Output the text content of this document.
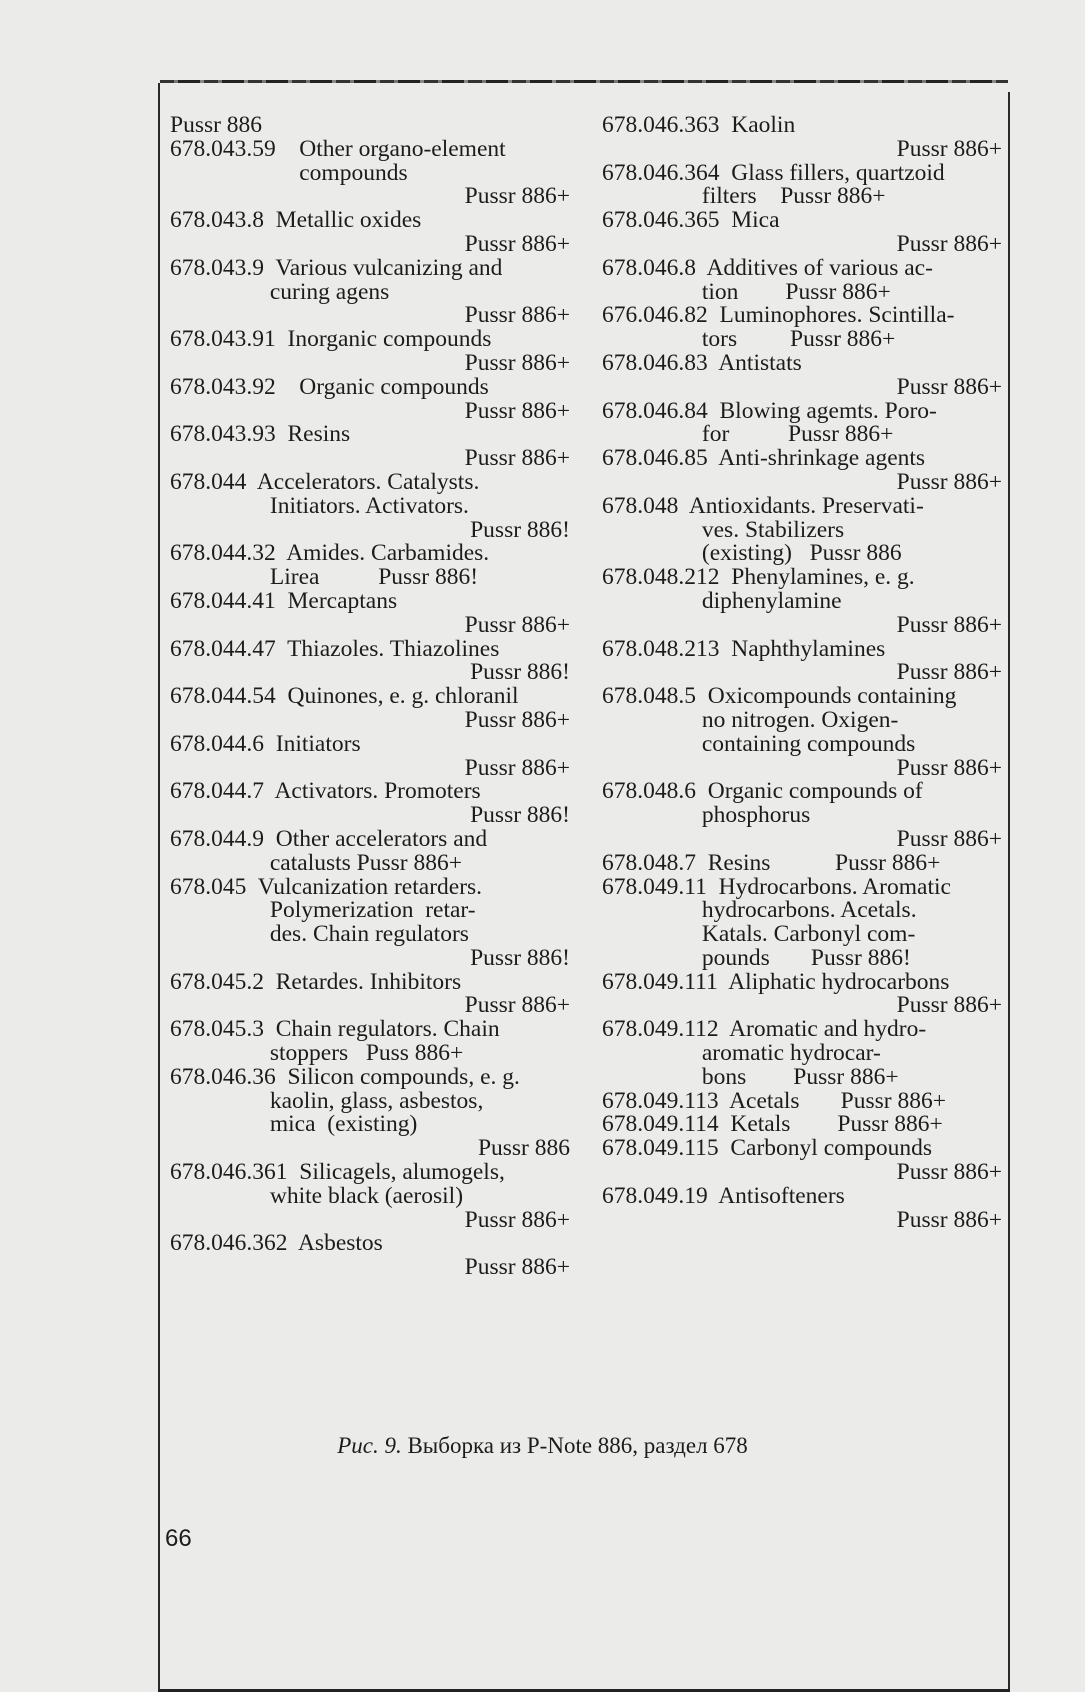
Pussr 886
678.043.59    Other organo-element
compounds
Pussr 886+
678.043.8  Metallic oxides
Pussr 886+
678.043.9  Various vulcanizing and
curing agens
Pussr 886+
678.043.91  Inorganic compounds
Pussr 886+
678.043.92    Organic compounds
Pussr 886+
678.043.93  Resins
Pussr 886+
678.044  Accelerators. Catalysts.
Initiators. Activators.
Pussr 886!
678.044.32  Amides. Carbamides.
Lirea          Pussr 886!
678.044.41  Mercaptans
Pussr 886+
678.044.47  Thiazoles. Thiazolines
Pussr 886!
678.044.54  Quinones, e. g. chloranil
Pussr 886+
678.044.6  Initiators
Pussr 886+
678.044.7  Activators. Promoters
Pussr 886!
678.044.9  Other accelerators and
catalusts Pussr 886+
678.045  Vulcanization retarders.
Polymerization  retar-
des. Chain regulators
Pussr 886!
678.045.2  Retardes. Inhibitors
Pussr 886+
678.045.3  Chain regulators. Chain
stoppers   Puss 886+
678.046.36  Silicon compounds, e. g.
kaolin, glass, asbestos,
mica  (existing)
Pussr 886
678.046.361  Silicagels, alumogels,
white black (aerosil)
Pussr 886+
678.046.362  Asbestos
Pussr 886+
678.046.363  Kaolin
Pussr 886+
678.046.364  Glass fillers, quartzoid
filters    Pussr 886+
678.046.365  Mica
Pussr 886+
678.046.8  Additives of various ac-
tion        Pussr 886+
676.046.82  Luminophores. Scintilla-
tors         Pussr 886+
678.046.83  Antistats
Pussr 886+
678.046.84  Blowing agemts. Poro-
for          Pussr 886+
678.046.85  Anti-shrinkage agents
Pussr 886+
678.048  Antioxidants. Preservati-
ves. Stabilizers
(existing)   Pussr 886
678.048.212  Phenylamines, e. g.
diphenylamine
Pussr 886+
678.048.213  Naphthylamines
Pussr 886+
678.048.5  Oxicompounds containing
no nitrogen. Oxigen-
containing compounds
Pussr 886+
678.048.6  Organic compounds of
phosphorus
Pussr 886+
678.048.7  Resins           Pussr 886+
678.049.11  Hydrocarbons. Aromatic
hydrocarbons. Acetals.
Katals. Carbonyl com-
pounds       Pussr 886!
678.049.111  Aliphatic hydrocarbons
Pussr 886+
678.049.112  Aromatic and hydro-
aromatic hydrocar-
bons        Pussr 886+
678.049.113  Acetals       Pussr 886+
678.049.114  Ketals        Pussr 886+
678.049.115  Carbonyl compounds
Pussr 886+
678.049.19  Antisofteners
Pussr 886+
Рис. 9. Выборка из P-Note 886, раздел 678
66
